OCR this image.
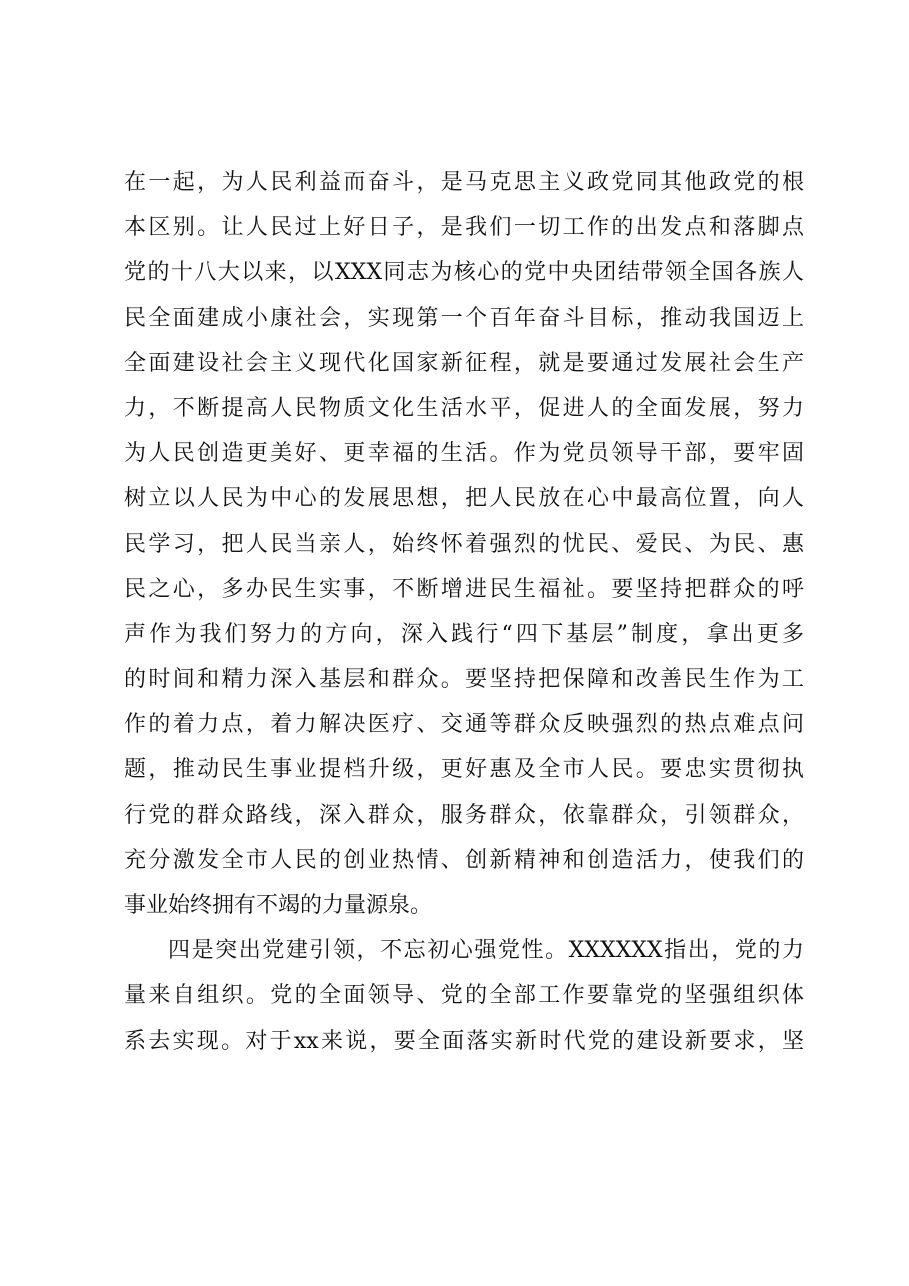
在一起，为人民利益而奋斗，是马克思主义政党同其他政党的根
本区别。让人民过上好日子，是我们一切工作的出发点和落脚点
党的十八大以来，以XXX同志为核心的党中央团结带领全国各族人
民全面建成小康社会，实现第一个百年奋斗目标，推动我国迈上
全面建设社会主义现代化国家新征程，就是要通过发展社会生产
力，不断提高人民物质文化生活水平，促进人的全面发展，努力
为人民创造更美好、更幸福的生活。作为党员领导干部，要牢固
树立以人民为中心的发展思想，把人民放在心中最高位置，向人
民学习，把人民当亲人，始终怀着强烈的忧民、爱民、为民、惠
民之心，多办民生实事，不断增进民生福祉。要坚持把群众的呼
声作为我们努力的方向，深入践行“四下基层”制度，拿出更多
的时间和精力深入基层和群众。要坚持把保障和改善民生作为工
作的着力点，着力解决医疗、交通等群众反映强烈的热点难点问
题，推动民生事业提档升级，更好惠及全市人民。要忠实贯彻执
行党的群众路线，深入群众，服务群众，依靠群众，引领群众，
充分激发全市人民的创业热情、创新精神和创造活力，使我们的
事业始终拥有不竭的力量源泉。
四是突出党建引领，不忘初心强党性。XXXXXX指出，党的力
量来自组织。党的全面领导、党的全部工作要靠党的坚强组织体
系去实现。对于xx来说，要全面落实新时代党的建设新要求，坚
